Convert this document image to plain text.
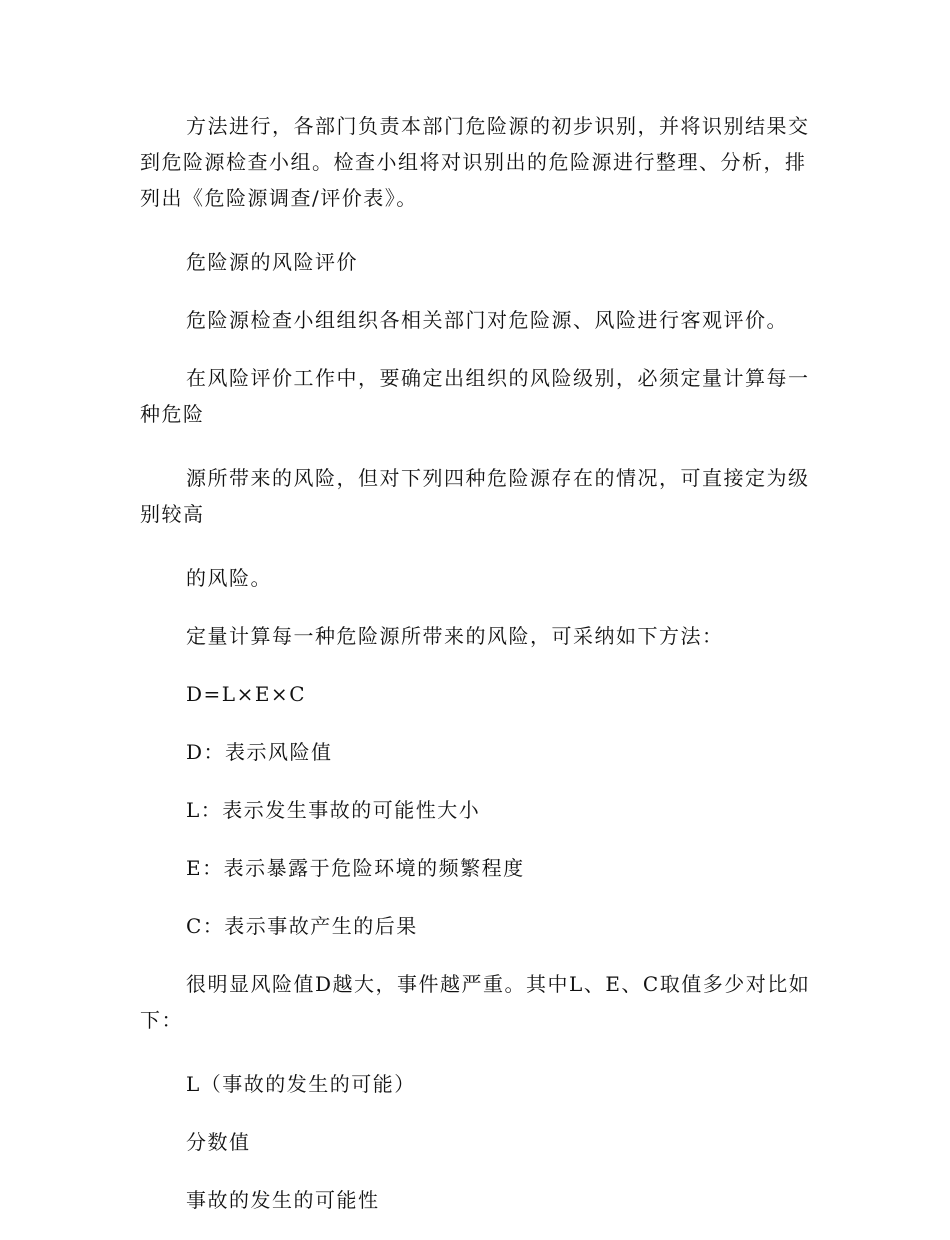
方法进行，各部门负责本部门危险源的初步识别，并将识别结果交到危险源检查小组。检查小组将对识别出的危险源进行整理、分析，排列出《危险源调查/评价表》。

危险源的风险评价

危险源检查小组组织各相关部门对危险源、风险进行客观评价。

在风险评价工作中，要确定出组织的风险级别，必须定量计算每一种危险

源所带来的风险，但对下列四种危险源存在的情况，可直接定为级别较高

的风险。

定量计算每一种危险源所带来的风险，可采纳如下方法：

D=L×E×C

D：表示风险值

L：表示发生事故的可能性大小

E：表示暴露于危险环境的频繁程度

C：表示事故产生的后果

很明显风险值D越大，事件越严重。其中L、E、C取值多少对比如下：

L（事故的发生的可能）

分数值

事故的发生的可能性
